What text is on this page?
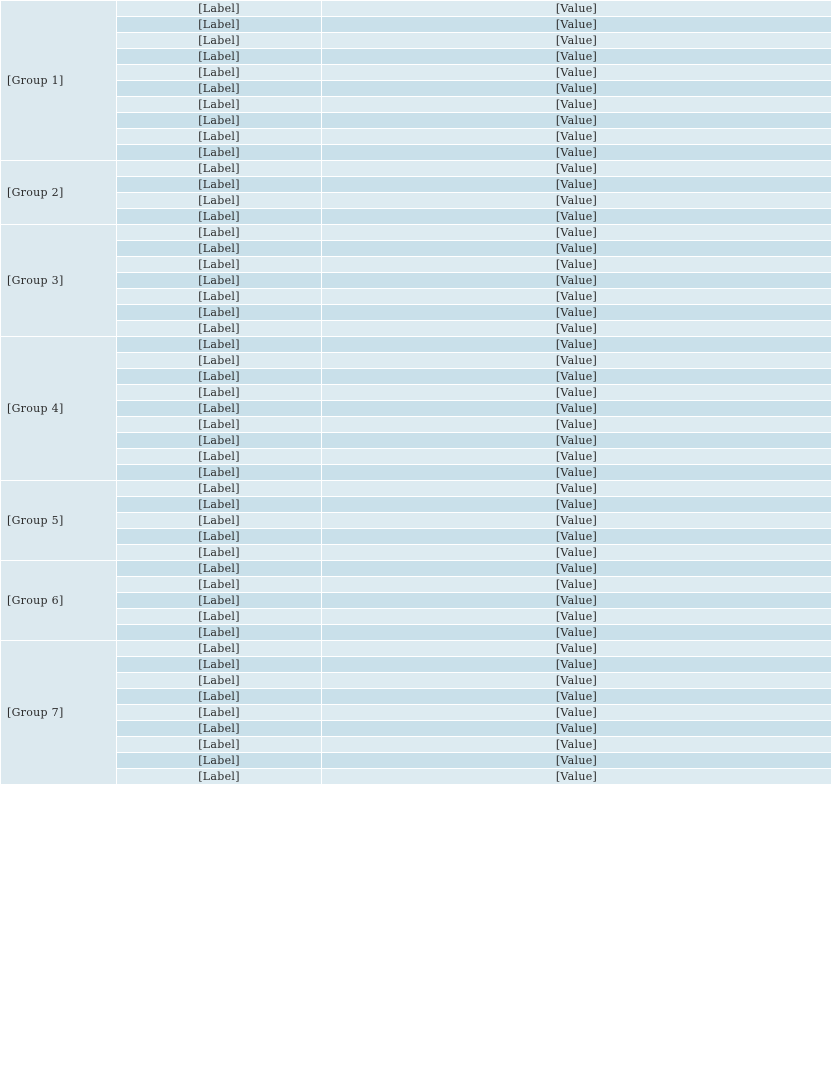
[Group 1]	[Label]	[Value]
	[Label]	[Value]
	[Label]	[Value]
	[Label]	[Value]
	[Label]	[Value]
	[Label]	[Value]
	[Label]	[Value]
	[Label]	[Value]
	[Label]	[Value]
	[Label]	[Value]
[Group 2]	[Label]	[Value]
	[Label]	[Value]
	[Label]	[Value]
	[Label]	[Value]
[Group 3]	[Label]	[Value]
	[Label]	[Value]
	[Label]	[Value]
	[Label]	[Value]
	[Label]	[Value]
	[Label]	[Value]
	[Label]	[Value]
[Group 4]	[Label]	[Value]
	[Label]	[Value]
	[Label]	[Value]
	[Label]	[Value]
	[Label]	[Value]
	[Label]	[Value]
	[Label]	[Value]
	[Label]	[Value]
	[Label]	[Value]
[Group 5]	[Label]	[Value]
	[Label]	[Value]
	[Label]	[Value]
	[Label]	[Value]
	[Label]	[Value]
[Group 6]	[Label]	[Value]
	[Label]	[Value]
	[Label]	[Value]
	[Label]	[Value]
	[Label]	[Value]
[Group 7]	[Label]	[Value]
	[Label]	[Value]
	[Label]	[Value]
	[Label]	[Value]
	[Label]	[Value]
	[Label]	[Value]
	[Label]	[Value]
	[Label]	[Value]
	[Label]	[Value]
